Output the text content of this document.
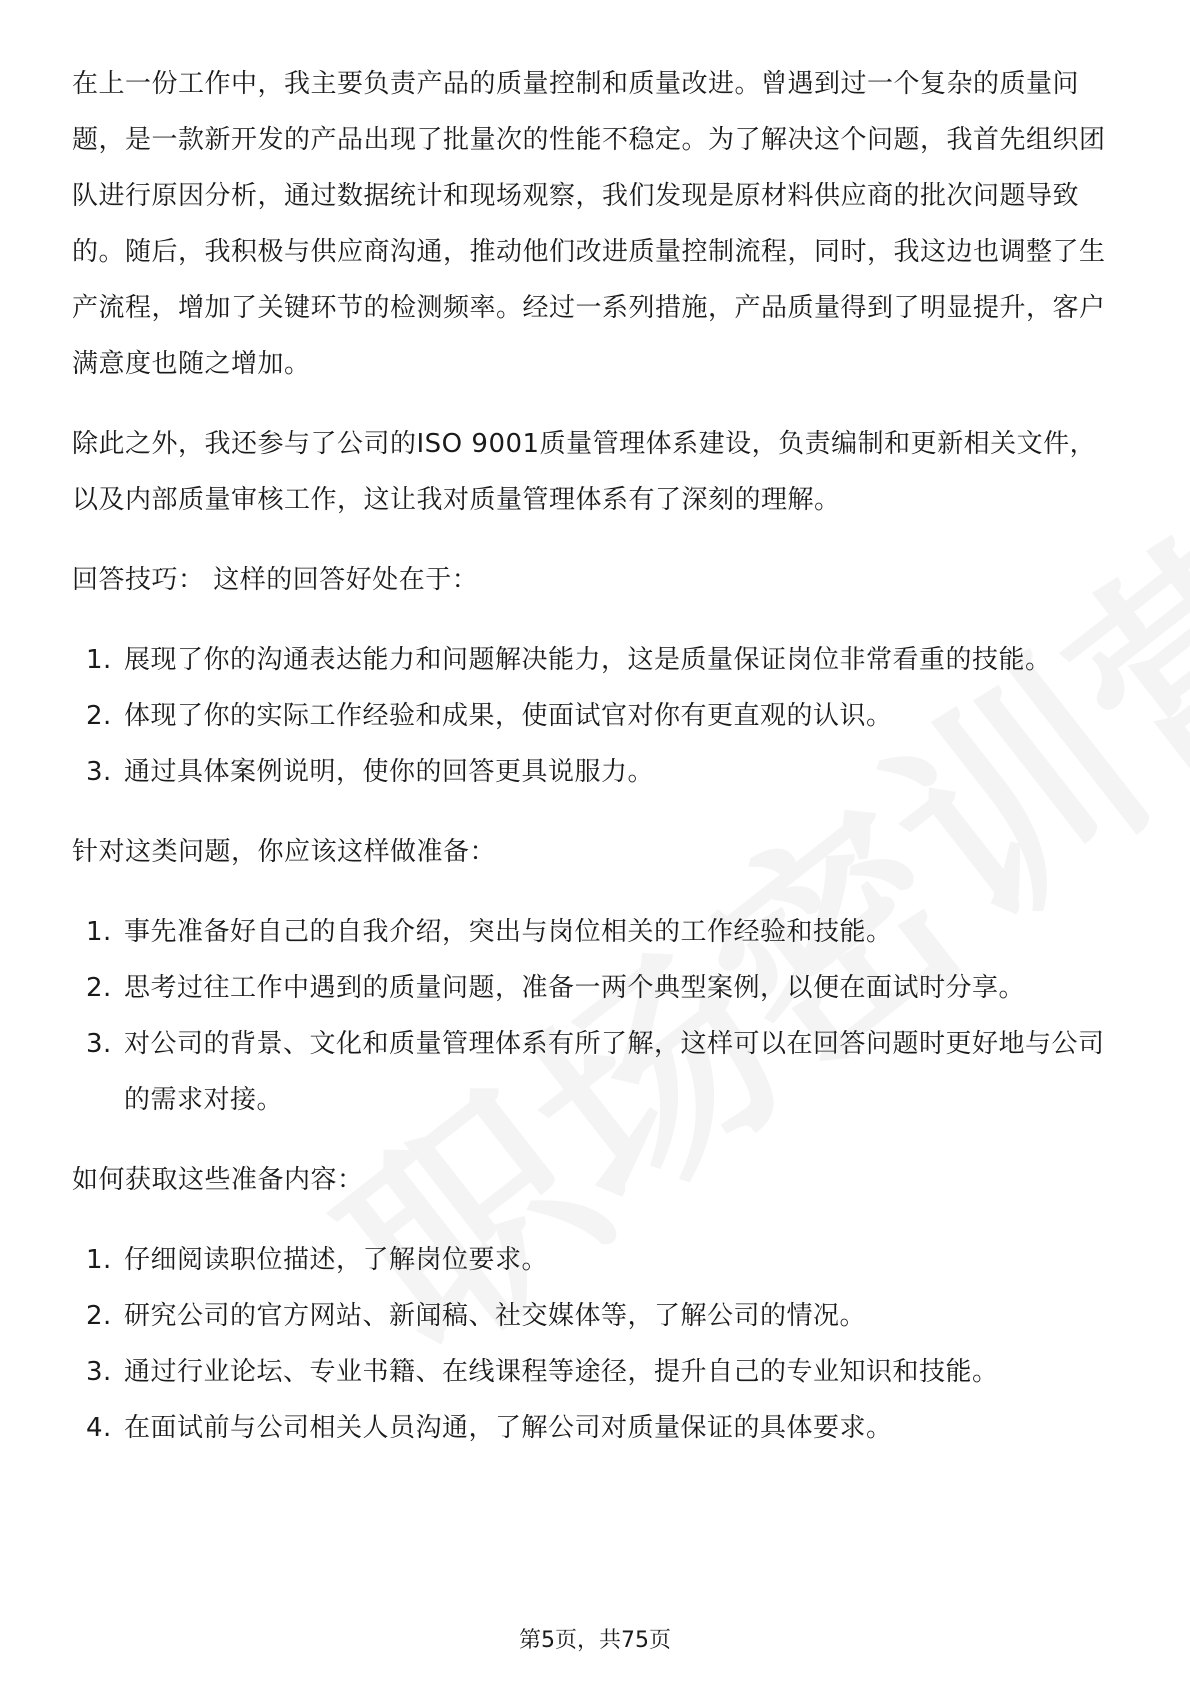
在上一份工作中，我主要负责产品的质量控制和质量改进。曾遇到过一个复杂的质量问题，是一款新开发的产品出现了批量次的性能不稳定。为了解决这个问题，我首先组织团队进行原因分析，通过数据统计和现场观察，我们发现是原材料供应商的批次问题导致的。随后，我积极与供应商沟通，推动他们改进质量控制流程，同时，我这边也调整了生产流程，增加了关键环节的检测频率。经过一系列措施，产品质量得到了明显提升，客户满意度也随之增加。

除此之外，我还参与了公司的ISO 9001质量管理体系建设，负责编制和更新相关文件，以及内部质量审核工作，这让我对质量管理体系有了深刻的理解。

回答技巧： 这样的回答好处在于：

1. 展现了你的沟通表达能力和问题解决能力，这是质量保证岗位非常看重的技能。
2. 体现了你的实际工作经验和成果，使面试官对你有更直观的认识。
3. 通过具体案例说明，使你的回答更具说服力。

针对这类问题，你应该这样做准备：

1. 事先准备好自己的自我介绍，突出与岗位相关的工作经验和技能。
2. 思考过往工作中遇到的质量问题，准备一两个典型案例，以便在面试时分享。
3. 对公司的背景、文化和质量管理体系有所了解，这样可以在回答问题时更好地与公司的需求对接。

如何获取这些准备内容：

1. 仔细阅读职位描述，了解岗位要求。
2. 研究公司的官方网站、新闻稿、社交媒体等，了解公司的情况。
3. 通过行业论坛、专业书籍、在线课程等途径，提升自己的专业知识和技能。
4. 在面试前与公司相关人员沟通，了解公司对质量保证的具体要求。
第5页，共75页
